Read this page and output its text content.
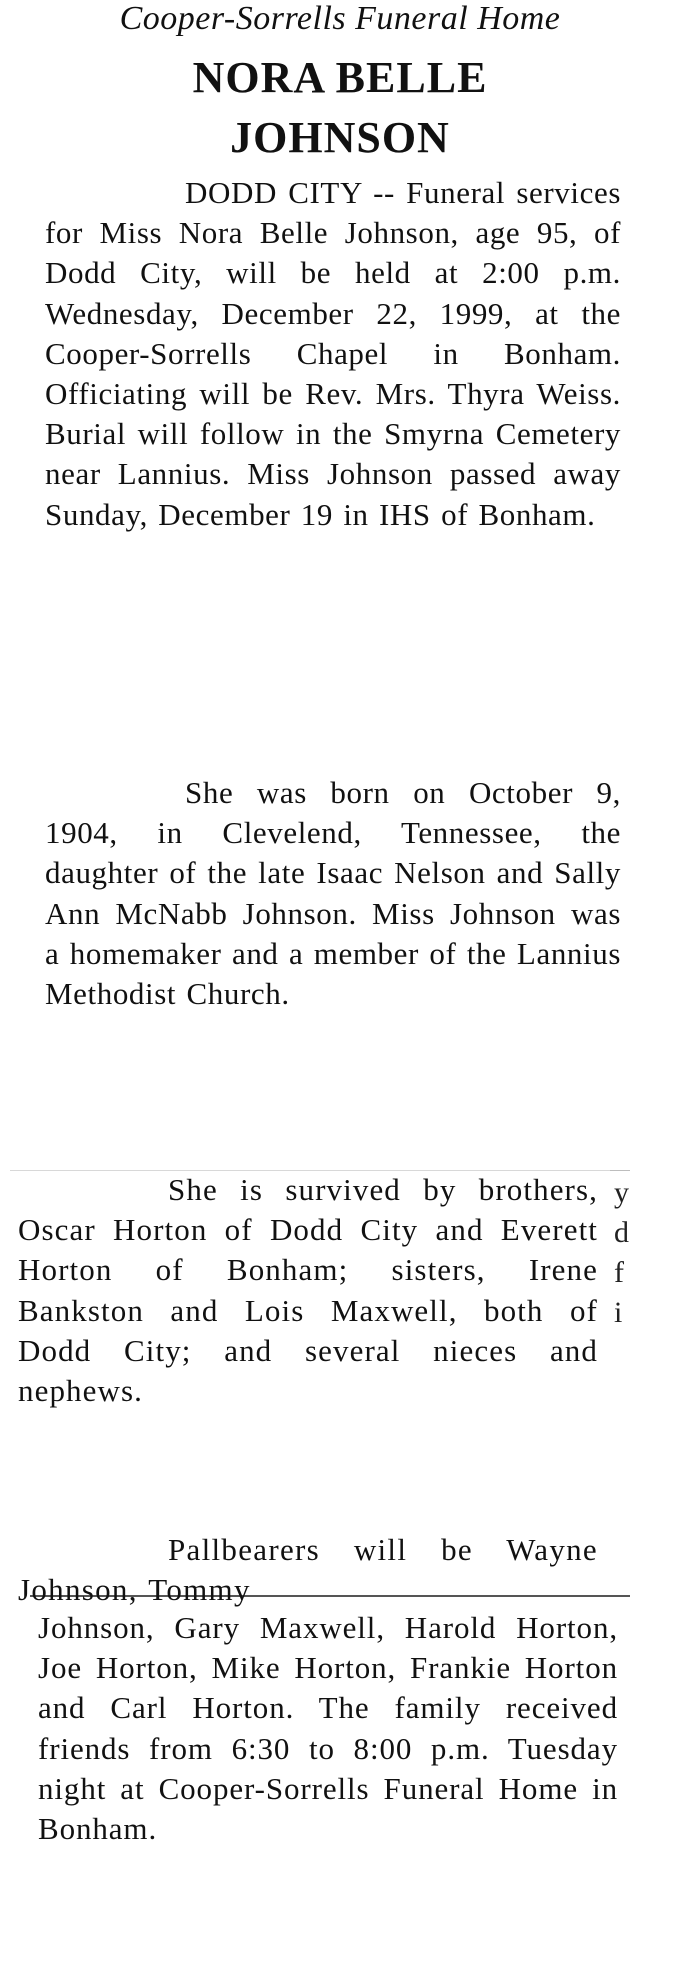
Cooper-Sorrells Funeral Home
NORA BELLE
JOHNSON
DODD CITY -- Funeral services for Miss Nora Belle Johnson, age 95, of Dodd City, will be held at 2:00 p.m. Wednesday, December 22, 1999, at the Cooper-Sorrells Chapel in Bonham. Officiating will be Rev. Mrs. Thyra Weiss. Burial will follow in the Smyrna Cemetery near Lannius. Miss Johnson passed away Sunday, December 19 in IHS of Bonham.
She was born on October 9, 1904, in Clevelend, Tennessee, the daughter of the late Isaac Nelson and Sally Ann McNabb Johnson. Miss Johnson was a homemaker and a member of the Lannius Methodist Church.
She is survived by brothers, Oscar Horton of Dodd City and Everett Horton of Bonham; sisters, Irene Bankston and Lois Maxwell, both of Dodd City; and several nieces and nephews.
Pallbearers will be Wayne Johnson, Tommy
Johnson, Gary Maxwell, Harold Horton, Joe Horton, Mike Horton, Frankie Horton and Carl Horton. The family received friends from 6:30 to 8:00 p.m. Tuesday night at Cooper-Sorrells Funeral Home in Bonham.
y
d
f
i
